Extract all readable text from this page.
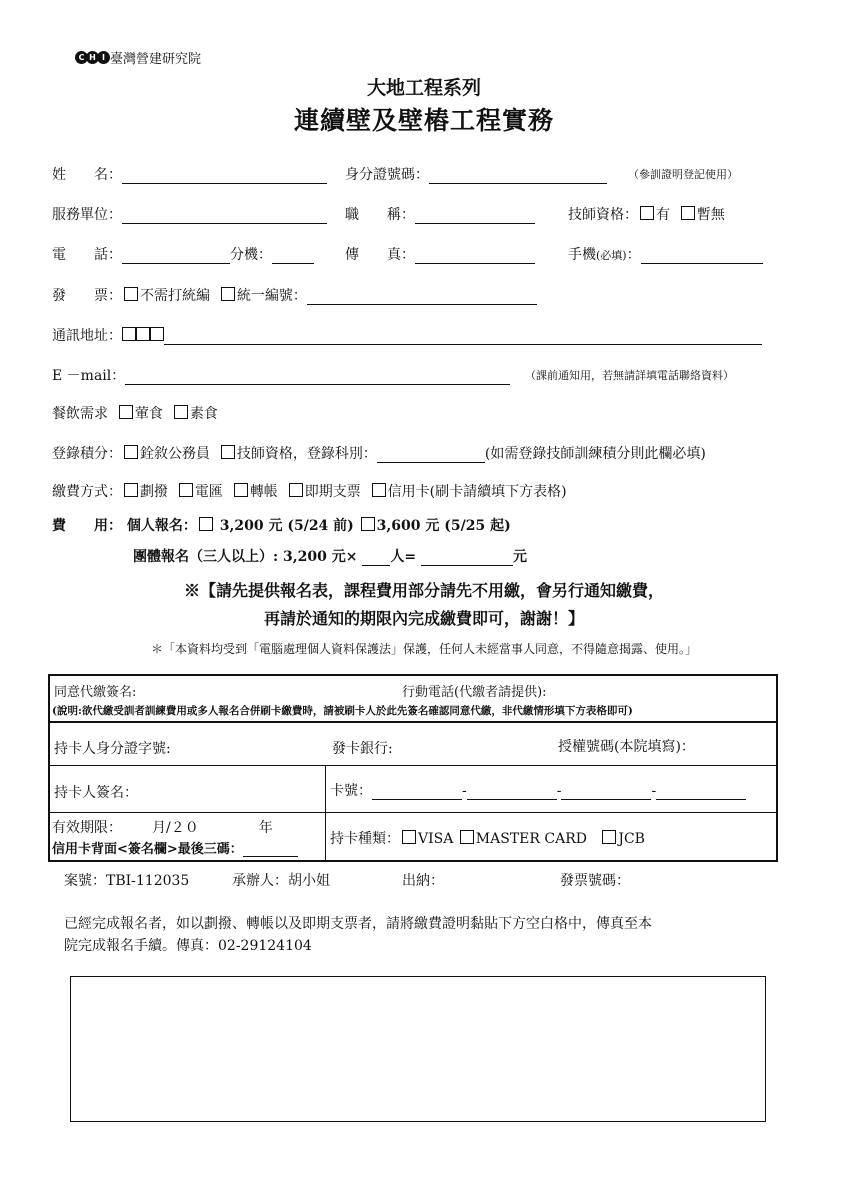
C H I 臺灣營建研究院
大地工程系列
連續壁及壁樁工程實務
姓　　名：	身分證號碼：	（參訓證明登記使用）
服務單位：	職　　稱：	技師資格： 有 暫無
電　　話：	分機：	傳　　真：	手機(必填)：
發　　票： 不需打統編 統一編號：
通訊地址：
E －mail：	（課前通知用，若無請詳填電話聯絡資料）
餐飲需求 葷食 素食
登錄積分： 銓敘公務員 技師資格，登錄科別：	(如需登錄技師訓練積分則此欄必填)
繳費方式： 劃撥 電匯 轉帳 即期支票 信用卡(刷卡請續填下方表格)
費　　用： 個人報名： 3,200 元 (5/24 前) 3,600 元 (5/25 起)
團體報名（三人以上）: 3,200 元× 人=	元
※【請先提供報名表，課程費用部分請先不用繳，會另行通知繳費，
再請於通知的期限內完成繳費即可，謝謝！】
＊「本資料均受到「電腦處理個人資料保護法」保護，任何人未經當事人同意，不得隨意揭露、使用。」
同意代繳簽名:	行動電話(代繳者請提供):
(說明:欲代繳受訓者訓練費用或多人報名合併刷卡繳費時，請被刷卡人於此先簽名確認同意代繳，非代繳情形填下方表格即可)
持卡人身分證字號:	發卡銀行:	授權號碼(本院填寫)：
持卡人簽名：	卡號：	-	-	-
有效期限： 月/２０	年
信用卡背面<簽名欄>最後三碼：
持卡種類： VISA MASTER CARD JCB
案號：TBI-112035	承辦人：胡小姐	出納：	發票號碼：
已經完成報名者，如以劃撥、轉帳以及即期支票者，請將繳費證明黏貼下方空白格中，傳真至本
院完成報名手續。傳真：02-29124104
